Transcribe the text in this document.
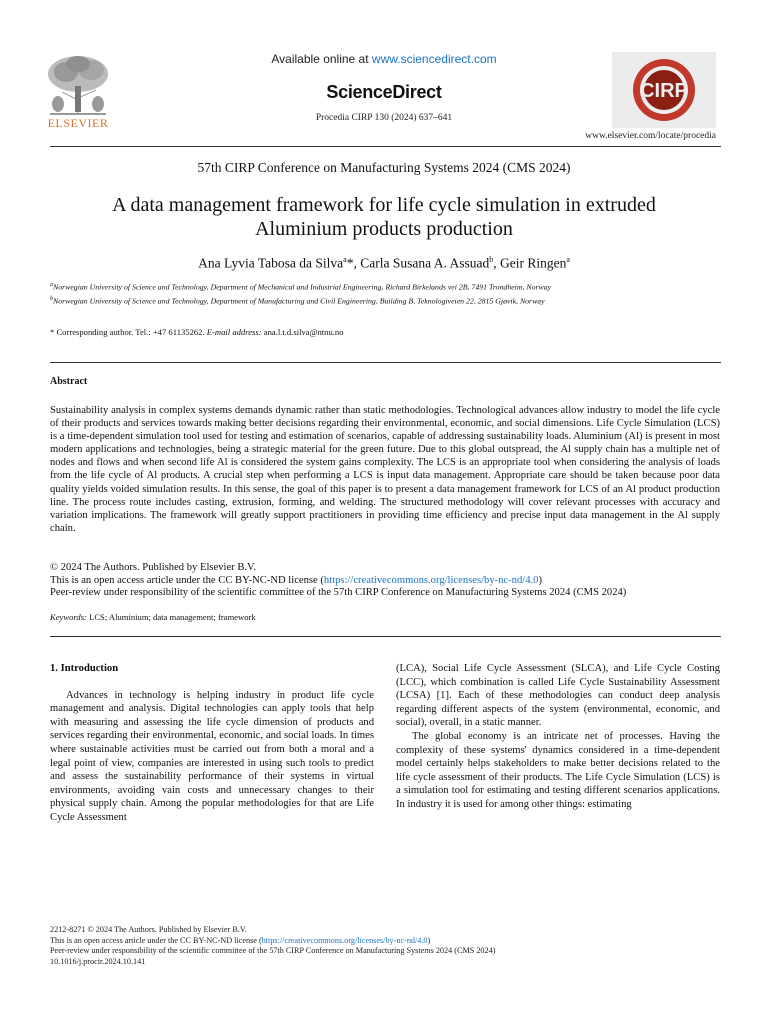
ELSEVIER
Available online at www.sciencedirect.com
ScienceDirect
Procedia CIRP 130 (2024) 637–641
CIRP
www.elsevier.com/locate/procedia
57th CIRP Conference on Manufacturing Systems 2024 (CMS 2024)
A data management framework for life cycle simulation in extruded
Aluminium products production
Ana Lyvia Tabosa da Silva$^a$*, Carla Susana A. Assuad$^b$, Geir Ringen$^a$
$^a$Norwegian University of Science and Technology, Department of Mechanical and Industrial Engineering, Richard Birkelands vei 2B, 7491 Trondheim, Norway
$^b$Norwegian University of Science and Technology, Department of Manufacturing and Civil Engineering, Building B, Teknologiveien 22, 2815 Gjøvik, Norway
* Corresponding author. Tel.: +47 61135262. E-mail address: ana.l.t.d.silva@ntnu.no
Abstract
Sustainability analysis in complex systems demands dynamic rather than static methodologies. Technological advances allow industry to model the life cycle of their products and services towards making better decisions regarding their environmental, economic, and social dimensions. Life Cycle Simulation (LCS) is a time-dependent simulation tool used for testing and estimation of scenarios, capable of addressing sustainability loads. Aluminium (Al) is present in most modern applications and technologies, being a strategic material for the green future. Due to this global outspread, the Al supply chain has a multiple net of nodes and flows and when second life Al is considered the system gains complexity. The LCS is an appropriate tool when considering the analysis of loads from the life cycle of Al products. A crucial step when performing a LCS is input data management. Appropriate care should be taken because poor data quality yields voided simulation results. In this sense, the goal of this paper is to present a data management framework for LCS of an Al product production line. The process route includes casting, extrusion, forming, and welding. The structured methodology will cover relevant processes with accuracy and variation implications. The framework will greatly support practitioners in providing time efficiency and precise input data management in the Al supply chain.
© 2024 The Authors. Published by Elsevier B.V.
This is an open access article under the CC BY-NC-ND license (https://creativecommons.org/licenses/by-nc-nd/4.0)
Peer-review under responsibility of the scientific committee of the 57th CIRP Conference on Manufacturing Systems 2024 (CMS 2024)
Keywords: LCS; Aluminium; data management; framework
1. Introduction
Advances in technology is helping industry in product life cycle management and analysis. Digital technologies can apply tools that help with measuring and assessing the life cycle dimension of products and services regarding their environmental, economic, and social loads. In times where sustainable activities must be carried out from both a moral and a legal point of view, companies are interested in using such tools to predict and assess the sustainability performance of their systems in virtual environments, avoiding vain costs and unnecessary changes to their physical supply chain. Among the popular methodologies for that are Life Cycle Assessment
(LCA), Social Life Cycle Assessment (SLCA), and Life Cycle Costing (LCC), which combination is called Life Cycle Sustainability Assessment (LCSA) [1]. Each of these methodologies can conduct deep analysis regarding different aspects of the system (environmental, economic, and social), overall, in a static manner.
The global economy is an intricate net of processes. Having the complexity of these systems' dynamics considered in a time-dependent model certainly helps stakeholders to make better decisions related to the life cycle assessment of their products. The Life Cycle Simulation (LCS) is a simulation tool for estimating and testing different scenarios applications. In industry it is used for among other things: estimating
2212-8271 © 2024 The Authors. Published by Elsevier B.V.
This is an open access article under the CC BY-NC-ND license (https://creativecommons.org/licenses/by-nc-nd/4.0)
Peer-review under responsibility of the scientific committee of the 57th CIRP Conference on Manufacturing Systems 2024 (CMS 2024)
10.1016/j.procir.2024.10.141
